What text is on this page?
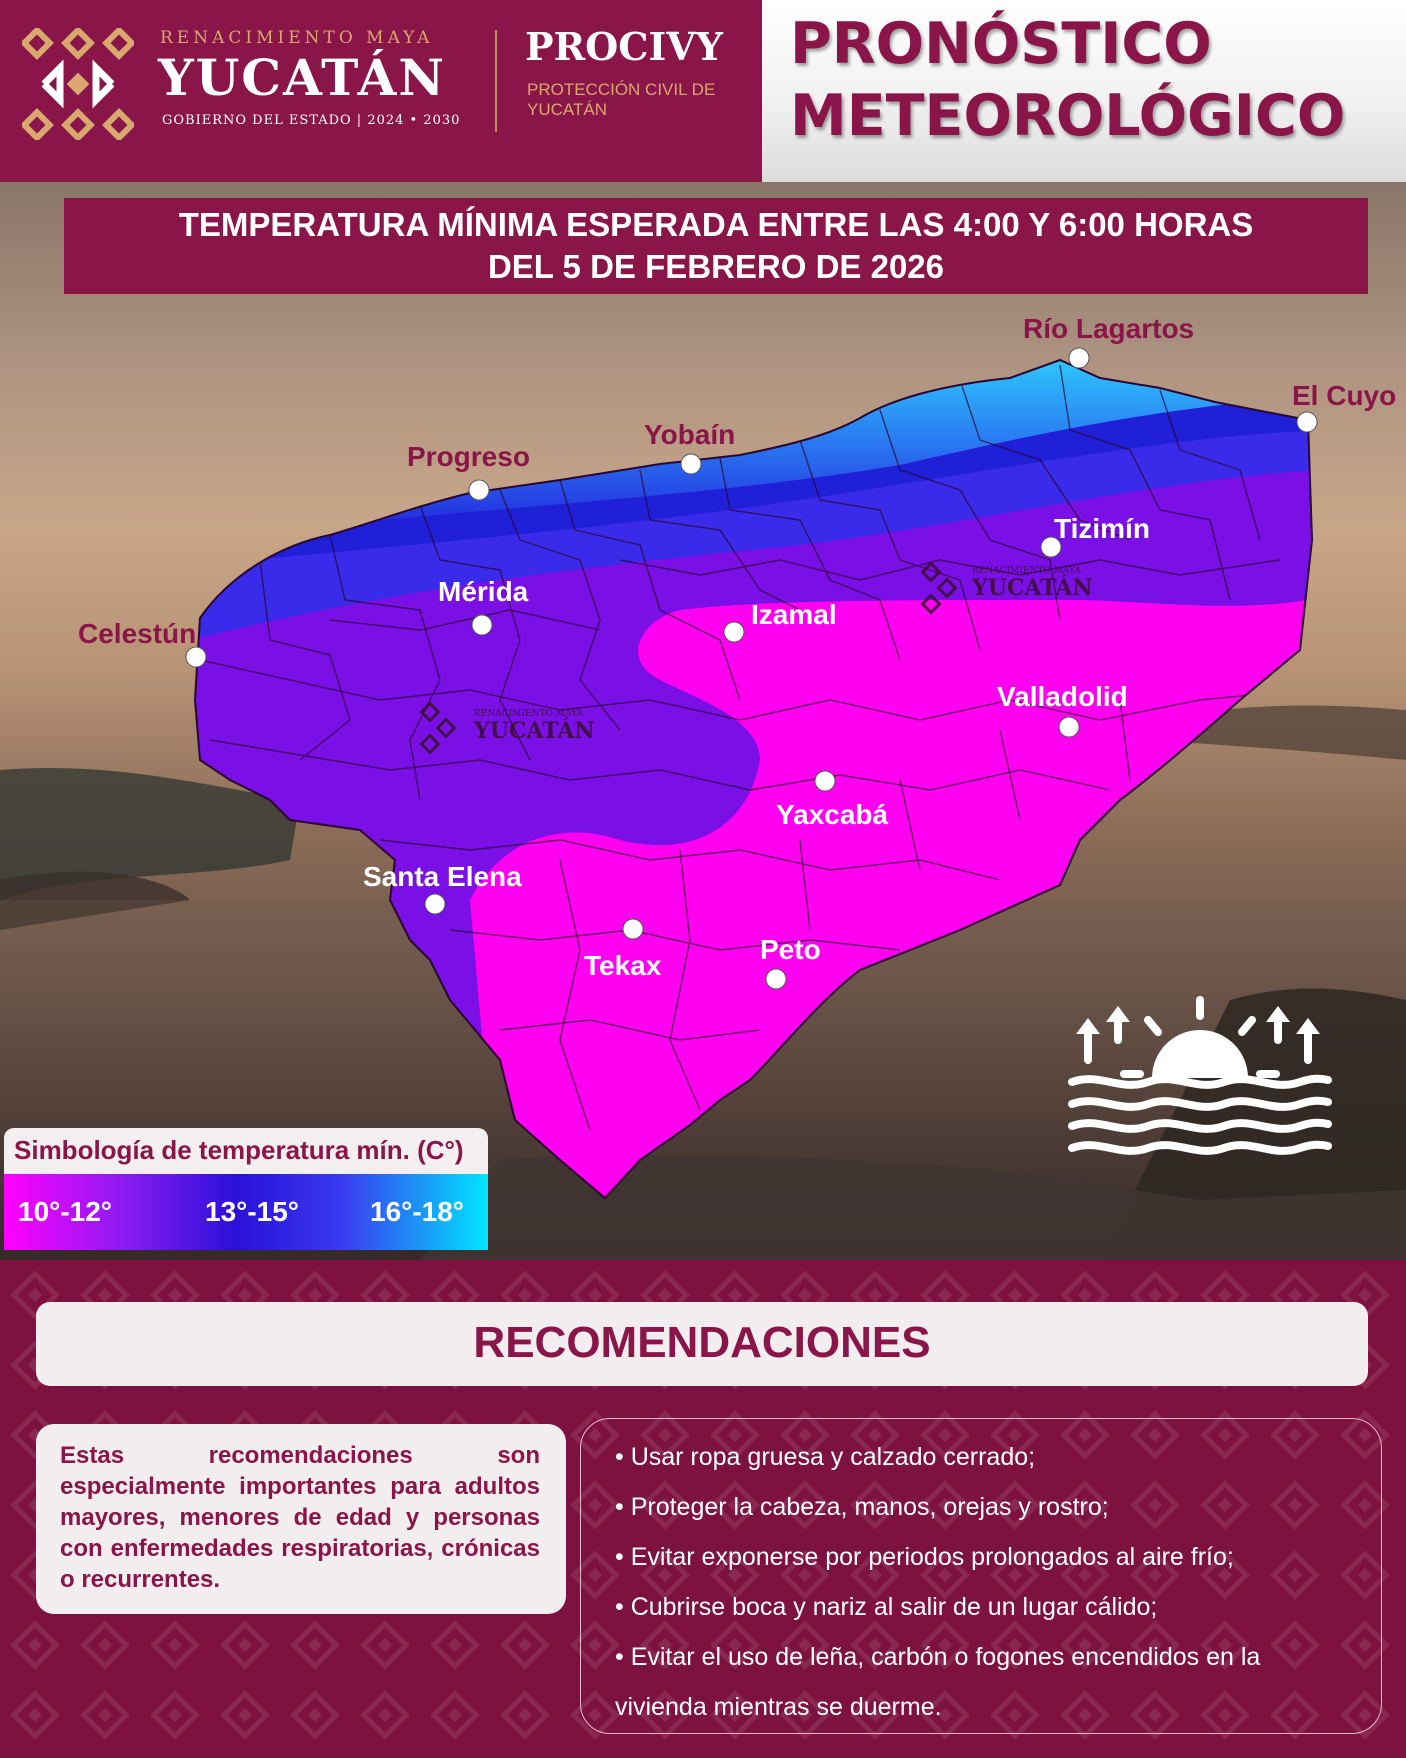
RENACIMIENTO MAYA
YUCATÁN
GOBIERNO DEL ESTADO | 2024 • 2030
PROCIVY
PROTECCIÓN CIVIL DE YUCATÁN
PRONÓSTICO
METEOROLÓGICO
TEMPERATURA MÍNIMA ESPERADA ENTRE LAS 4:00 Y 6:00 HORAS
DEL 5 DE FEBRERO DE 2026
RENACIMIENTO MAYA
YUCATÁN
RENACIMIENTO MAYA
YUCATÁN
Río Lagartos
El Cuyo
Yobaín
Progreso
Tizimín
Mérida
Izamal
Celestún
Valladolid
Yaxcabá
Santa Elena
Tekax
Peto
Simbología de temperatura mín. (C°)
10°-12°	13°-15°	16°-18°
RECOMENDACIONES
Estas recomendaciones son especialmente importantes para adultos mayores, menores de edad y personas con enfermedades respiratorias, crónicas o recurrentes.
• Usar ropa gruesa y calzado cerrado;
• Proteger la cabeza, manos, orejas y rostro;
• Evitar exponerse por periodos prolongados al aire frío;
• Cubrirse boca y nariz al salir de un lugar cálido;
• Evitar el uso de leña, carbón o fogones encendidos en la vivienda mientras se duerme.
